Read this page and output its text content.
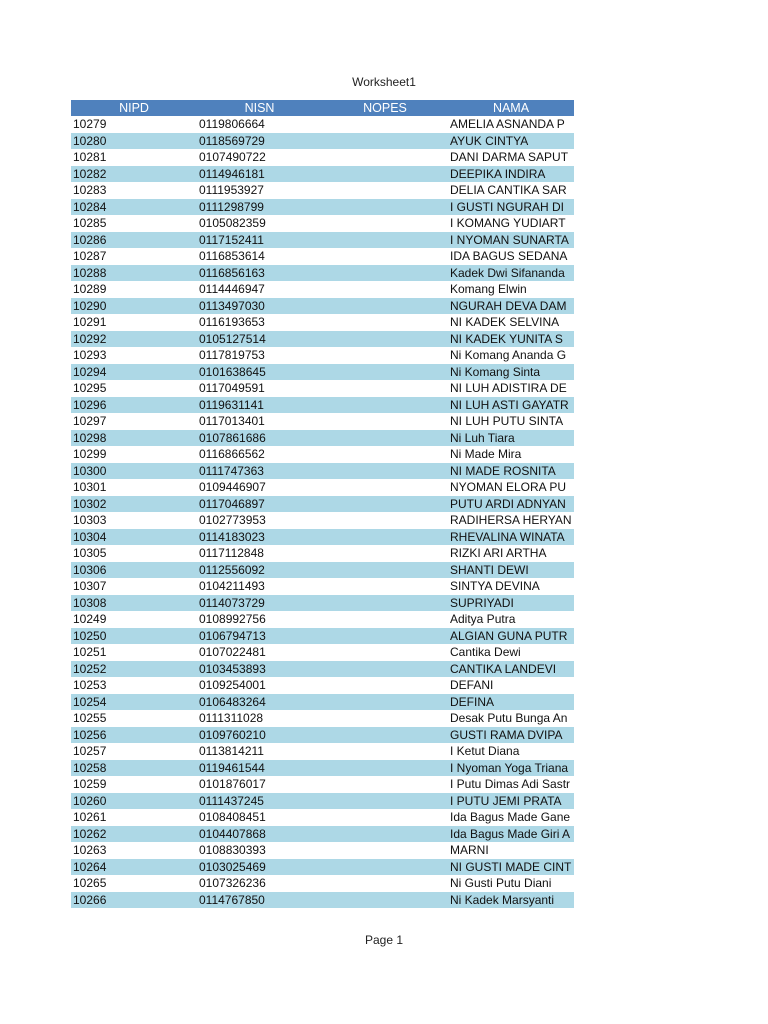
Worksheet1
NIPD	NISN	NOPES	NAMA
10279	0119806664		AMELIA ASNANDA P
10280	0118569729		AYUK CINTYA
10281	0107490722		DANI DARMA SAPUT
10282	0114946181		DEEPIKA INDIRA
10283	0111953927		DELIA CANTIKA SAR
10284	0111298799		I GUSTI NGURAH DI
10285	0105082359		I KOMANG YUDIART
10286	0117152411		I NYOMAN SUNARTA
10287	0116853614		IDA BAGUS SEDANA
10288	0116856163		Kadek Dwi Sifananda
10289	0114446947		Komang Elwin
10290	0113497030		NGURAH DEVA DAM
10291	0116193653		NI KADEK SELVINA
10292	0105127514		NI KADEK YUNITA S
10293	0117819753		Ni Komang Ananda G
10294	0101638645		Ni Komang Sinta
10295	0117049591		NI LUH ADISTIRA DE
10296	0119631141		NI LUH ASTI GAYATR
10297	0117013401		NI LUH PUTU SINTA
10298	0107861686		Ni Luh Tiara
10299	0116866562		Ni Made Mira
10300	0111747363		NI MADE ROSNITA
10301	0109446907		NYOMAN ELORA PU
10302	0117046897		PUTU ARDI ADNYAN
10303	0102773953		RADIHERSA HERYAN
10304	0114183023		RHEVALINA WINATA
10305	0117112848		RIZKI ARI ARTHA
10306	0112556092		SHANTI DEWI
10307	0104211493		SINTYA DEVINA
10308	0114073729		SUPRIYADI
10249	0108992756		Aditya Putra
10250	0106794713		ALGIAN GUNA PUTR
10251	0107022481		Cantika Dewi
10252	0103453893		CANTIKA LANDEVI
10253	0109254001		DEFANI
10254	0106483264		DEFINA
10255	0111311028		Desak Putu Bunga An
10256	0109760210		GUSTI RAMA DVIPA
10257	0113814211		I Ketut Diana
10258	0119461544		I Nyoman Yoga Triana
10259	0101876017		I Putu Dimas Adi Sastr
10260	0111437245		I PUTU JEMI PRATA
10261	0108408451		Ida Bagus Made Gane
10262	0104407868		Ida Bagus Made Giri A
10263	0108830393		MARNI
10264	0103025469		NI GUSTI MADE CINT
10265	0107326236		Ni Gusti Putu Diani
10266	0114767850		Ni Kadek Marsyanti
Page 1
